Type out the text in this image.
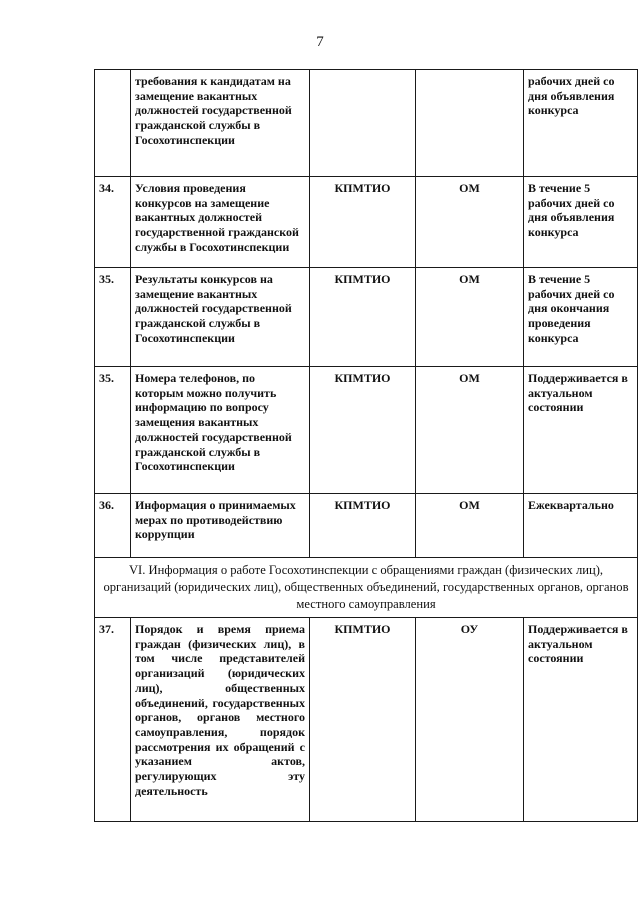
7
	требования к кандидатам на замещение вакантных должностей государственной гражданской службы в Госохотинспекции			рабочих дней со дня объявления конкурса
34.	Условия проведения конкурсов на замещение вакантных должностей государственной гражданской службы в Госохотинспекции	КПМТИО	ОМ	В течение 5 рабочих дней со дня объявления конкурса
35.	Результаты конкурсов на замещение вакантных должностей государственной гражданской службы в Госохотинспекции	КПМТИО	ОМ	В течение 5 рабочих дней со дня окончания проведения конкурса
35.	Номера телефонов, по которым можно получить информацию по вопросу замещения вакантных должностей государственной гражданской службы в Госохотинспекции	КПМТИО	ОМ	Поддерживается в актуальном состоянии
36.	Информация о принимаемых мерах по противодействию коррупции	КПМТИО	ОМ	Ежеквартально
VI. Информация о работе Госохотинспекции с обращениями граждан (физических лиц), организаций (юридических лиц), общественных объединений, государственных органов, органов местного самоуправления				
37.	Порядок и время приема граждан (физических лиц), в том числе представителей организаций (юридических лиц), общественных объединений, государственных органов, органов местного самоуправления, порядок рассмотрения их обращений с указанием актов, регулирующих эту деятельность	КПМТИО	ОУ	Поддерживается в актуальном состоянии
